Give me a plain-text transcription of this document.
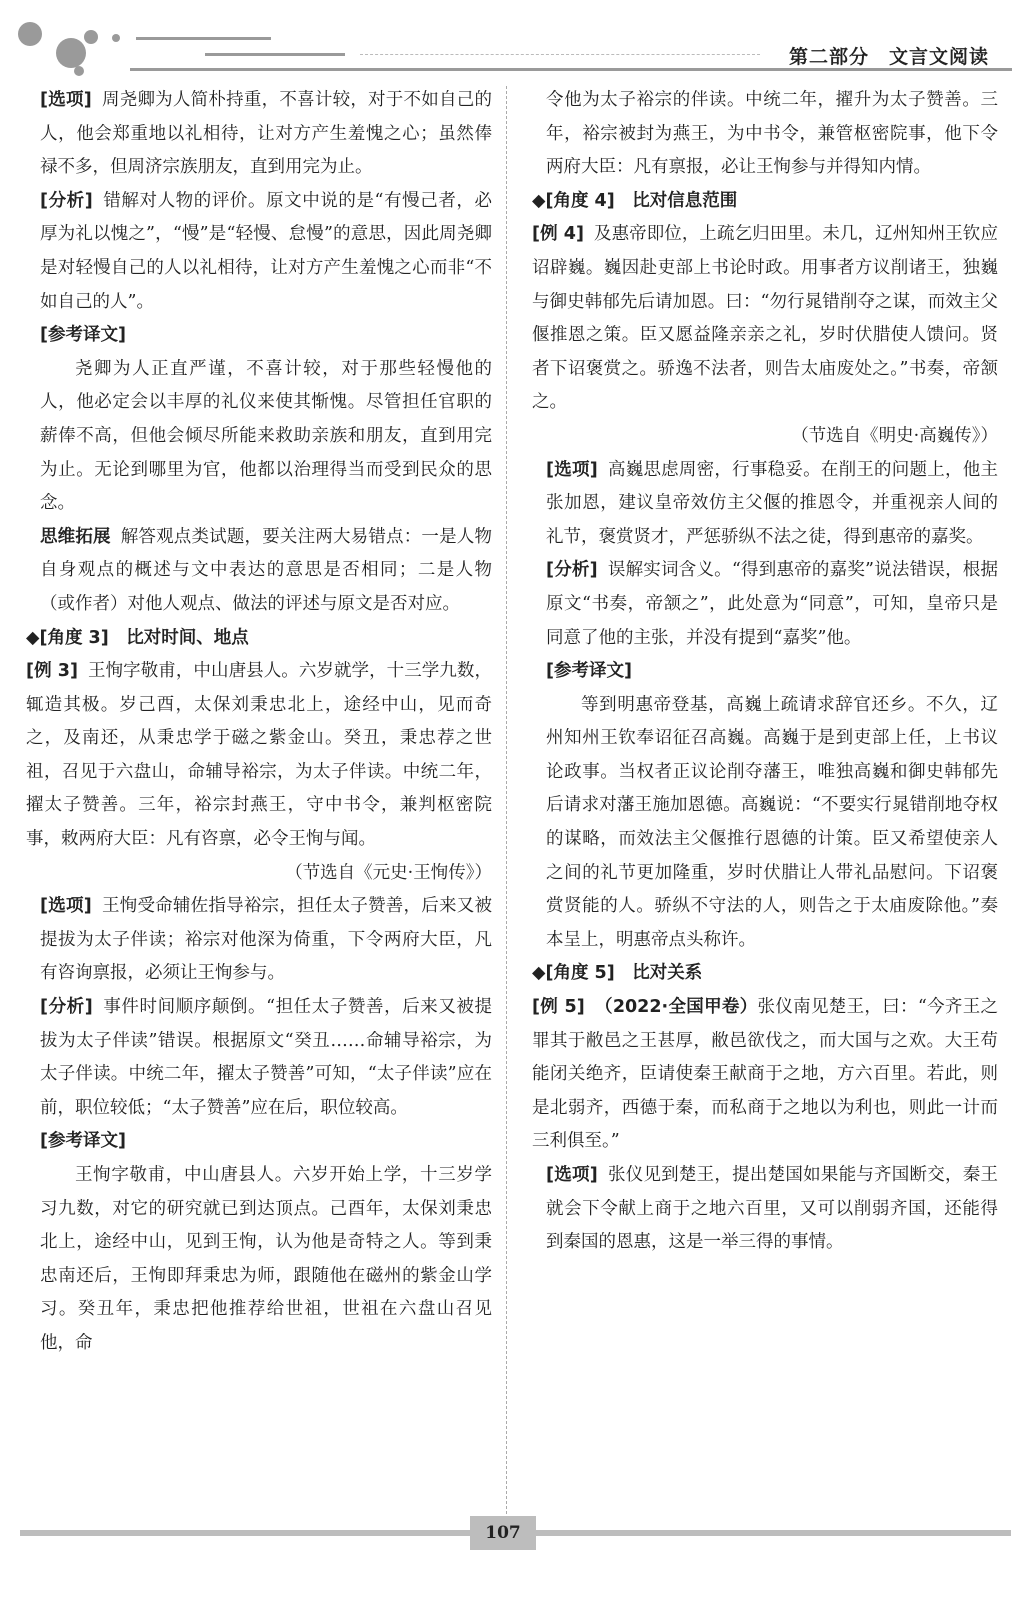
第二部分　文言文阅读

[选项] 周尧卿为人简朴持重，不喜计较，对于不如自己的人，他会郑重地以礼相待，让对方产生羞愧之心；虽然俸禄不多，但周济宗族朋友，直到用完为止。

[分析] 错解对人物的评价。原文中说的是“有慢己者，必厚为礼以愧之”，“慢”是“轻慢、怠慢”的意思，因此周尧卿是对轻慢自己的人以礼相待，让对方产生羞愧之心而非“不如自己的人”。

[参考译文]

尧卿为人正直严谨，不喜计较，对于那些轻慢他的人，他必定会以丰厚的礼仪来使其惭愧。尽管担任官职的薪俸不高，但他会倾尽所能来救助亲族和朋友，直到用完为止。无论到哪里为官，他都以治理得当而受到民众的思念。

思维拓展 解答观点类试题，要关注两大易错点：一是人物自身观点的概述与文中表达的意思是否相同；二是人物（或作者）对他人观点、做法的评述与原文是否对应。

◆[角度 3]　比对时间、地点

[例 3] 王恂字敬甫，中山唐县人。六岁就学，十三学九数，辄造其极。岁己酉，太保刘秉忠北上，途经中山，见而奇之，及南还，从秉忠学于磁之紫金山。癸丑，秉忠荐之世祖，召见于六盘山，命辅导裕宗，为太子伴读。中统二年，擢太子赞善。三年，裕宗封燕王，守中书令，兼判枢密院事，敕两府大臣：凡有咨禀，必令王恂与闻。

（节选自《元史·王恂传》）

[选项] 王恂受命辅佐指导裕宗，担任太子赞善，后来又被提拔为太子伴读；裕宗对他深为倚重，下令两府大臣，凡有咨询禀报，必须让王恂参与。

[分析] 事件时间顺序颠倒。“担任太子赞善，后来又被提拔为太子伴读”错误。根据原文“癸丑……命辅导裕宗，为太子伴读。中统二年，擢太子赞善”可知，“太子伴读”应在前，职位较低；“太子赞善”应在后，职位较高。

[参考译文]

王恂字敬甫，中山唐县人。六岁开始上学，十三岁学习九数，对它的研究就已到达顶点。己酉年，太保刘秉忠北上，途经中山，见到王恂，认为他是奇特之人。等到秉忠南还后，王恂即拜秉忠为师，跟随他在磁州的紫金山学习。癸丑年，秉忠把他推荐给世祖，世祖在六盘山召见他，命

令他为太子裕宗的伴读。中统二年，擢升为太子赞善。三年，裕宗被封为燕王，为中书令，兼管枢密院事，他下令两府大臣：凡有禀报，必让王恂参与并得知内情。

◆[角度 4]　比对信息范围

[例 4] 及惠帝即位，上疏乞归田里。未几，辽州知州王钦应诏辟巍。巍因赴吏部上书论时政。用事者方议削诸王，独巍与御史韩郁先后请加恩。曰：“勿行晁错削夺之谋，而效主父偃推恩之策。臣又愿益隆亲亲之礼，岁时伏腊使人馈问。贤者下诏褒赏之。骄逸不法者，则告太庙废处之。”书奏，帝颔之。

（节选自《明史·高巍传》）

[选项] 高巍思虑周密，行事稳妥。在削王的问题上，他主张加恩，建议皇帝效仿主父偃的推恩令，并重视亲人间的礼节，褒赏贤才，严惩骄纵不法之徒，得到惠帝的嘉奖。

[分析] 误解实词含义。“得到惠帝的嘉奖”说法错误，根据原文“书奏，帝颔之”，此处意为“同意”，可知，皇帝只是同意了他的主张，并没有提到“嘉奖”他。

[参考译文]

等到明惠帝登基，高巍上疏请求辞官还乡。不久，辽州知州王钦奉诏征召高巍。高巍于是到吏部上任，上书议论政事。当权者正议论削夺藩王，唯独高巍和御史韩郁先后请求对藩王施加恩德。高巍说：“不要实行晁错削地夺权的谋略，而效法主父偃推行恩德的计策。臣又希望使亲人之间的礼节更加隆重，岁时伏腊让人带礼品慰问。下诏褒赏贤能的人。骄纵不守法的人，则告之于太庙废除他。”奏本呈上，明惠帝点头称许。

◆[角度 5]　比对关系

[例 5] （2022·全国甲卷）张仪南见楚王，曰：“今齐王之罪其于敝邑之王甚厚，敝邑欲伐之，而大国与之欢。大王苟能闭关绝齐，臣请使秦王献商于之地，方六百里。若此，则是北弱齐，西德于秦，而私商于之地以为利也，则此一计而三利俱至。”

[选项] 张仪见到楚王，提出楚国如果能与齐国断交，秦王就会下令献上商于之地六百里，又可以削弱齐国，还能得到秦国的恩惠，这是一举三得的事情。

107
